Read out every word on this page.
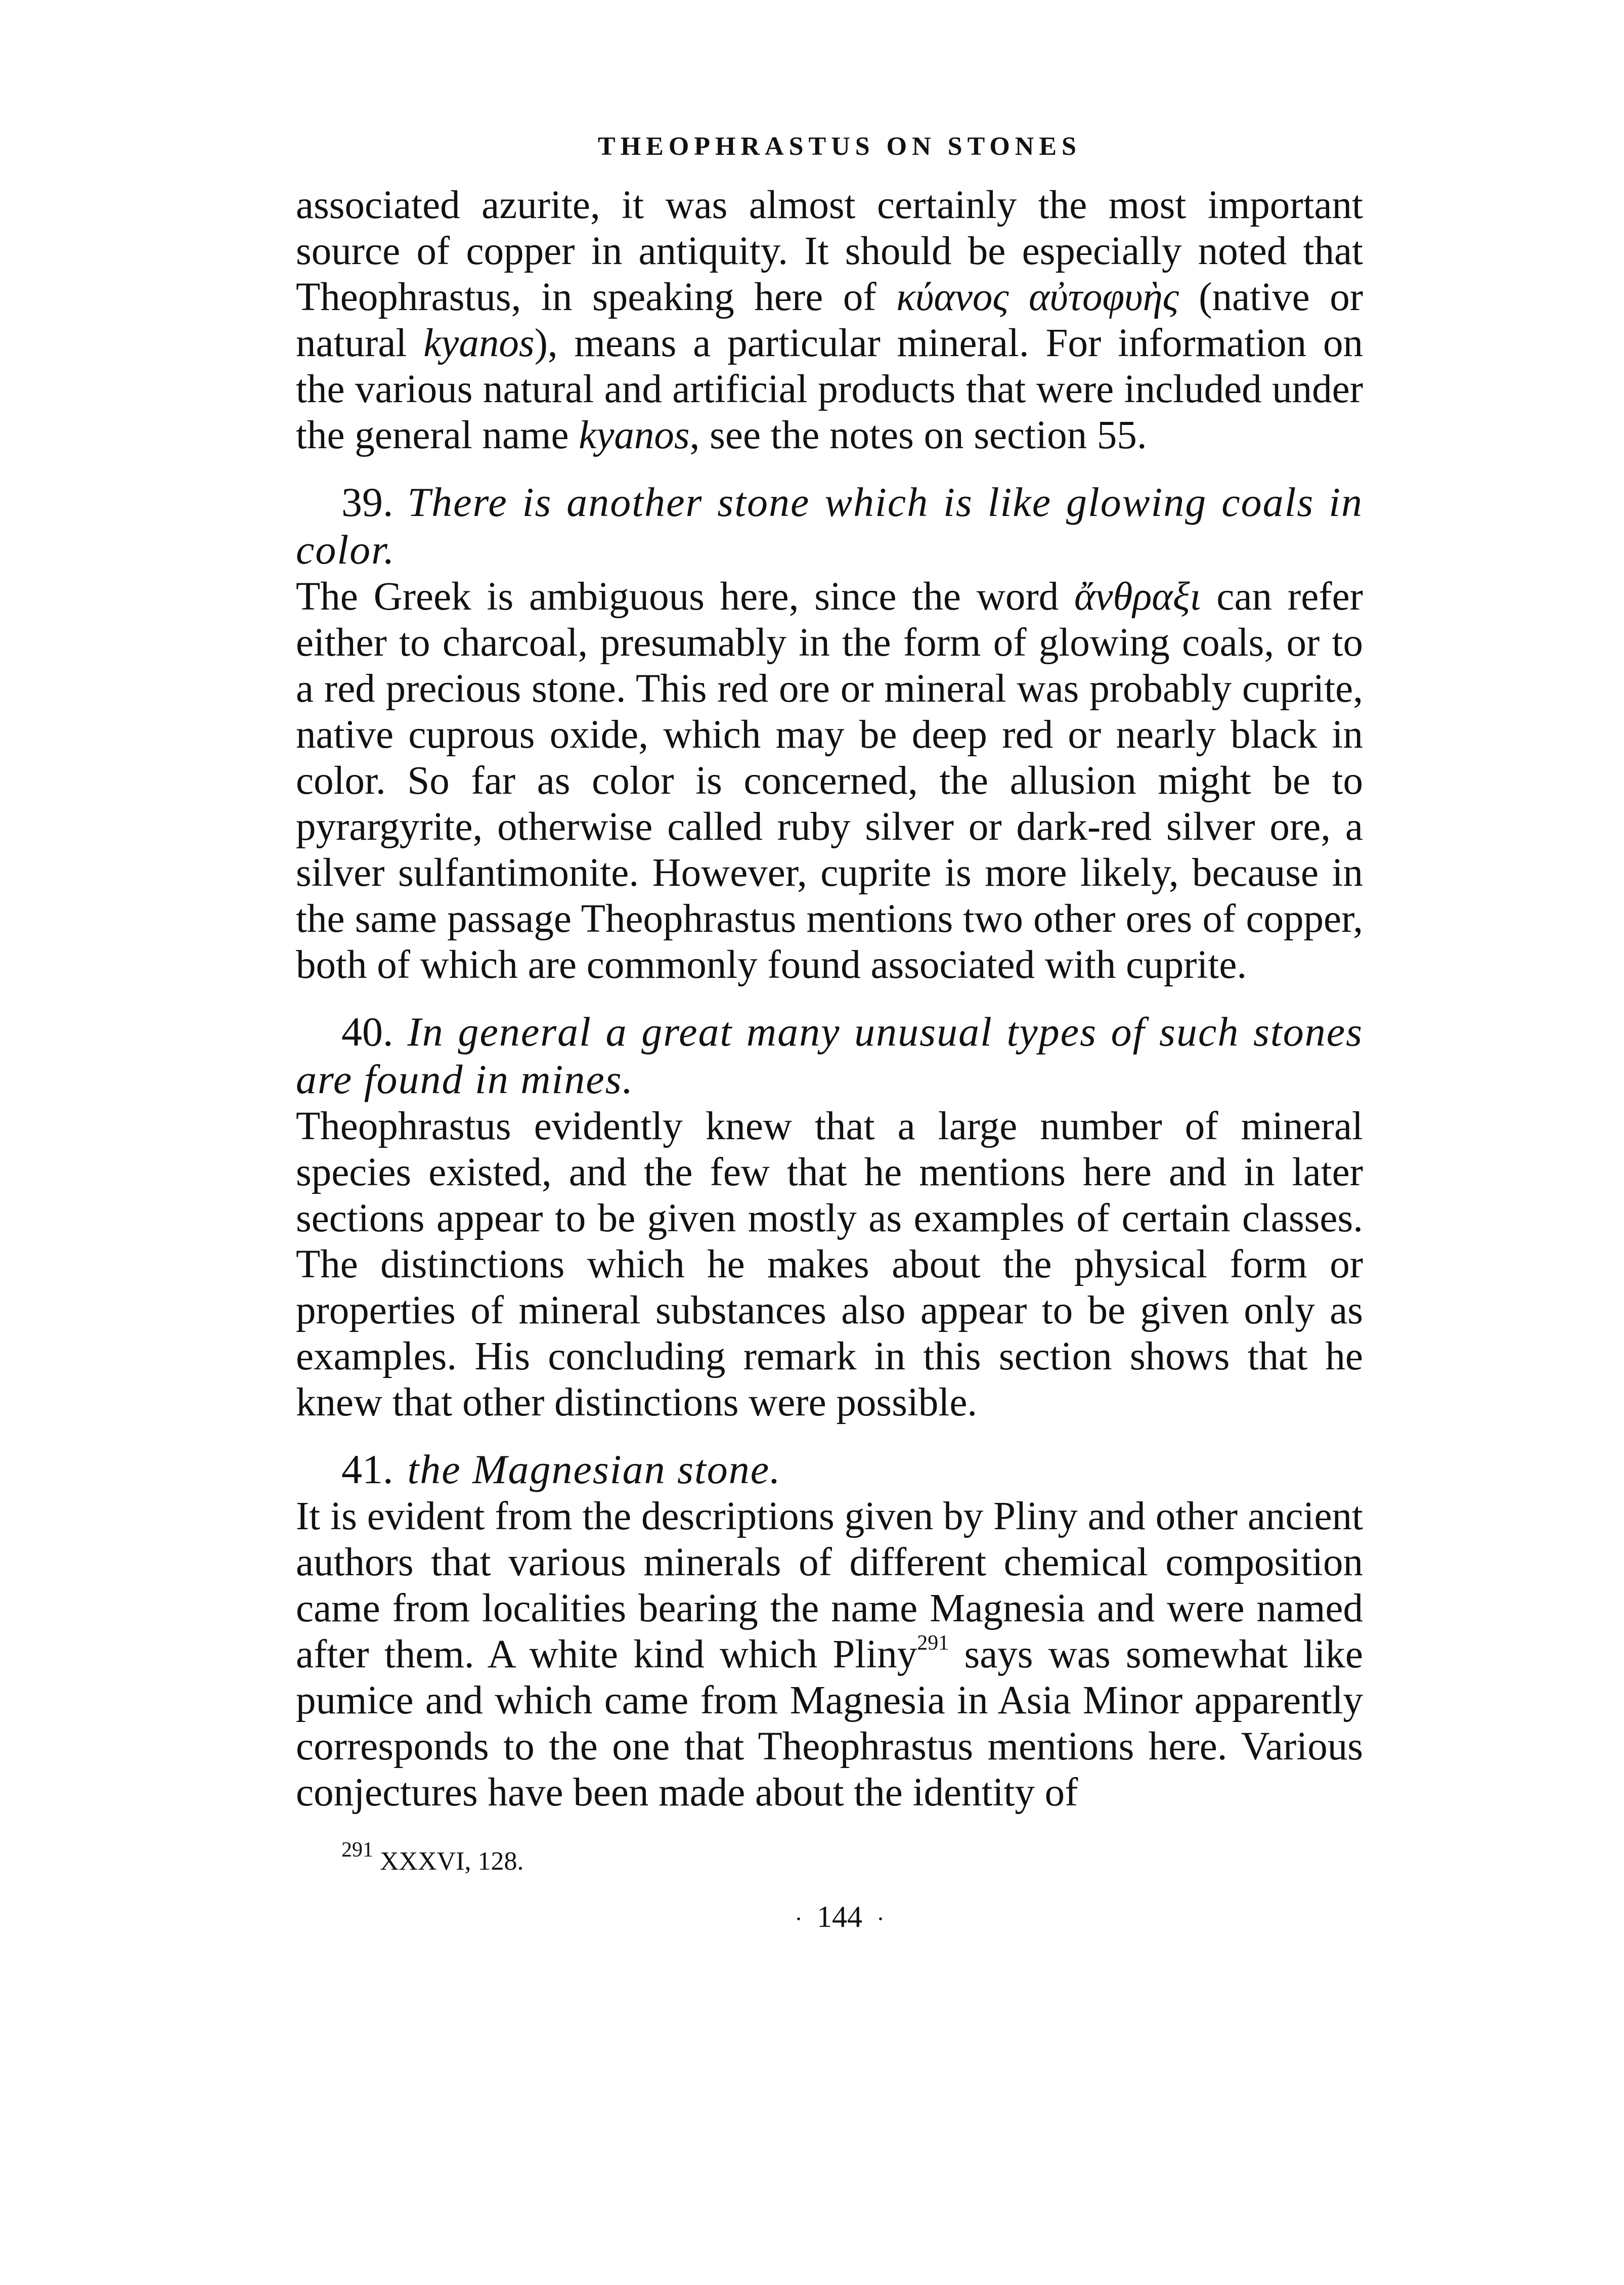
THEOPHRASTUS ON STONES

associated azurite, it was almost certainly the most important source of copper in antiquity. It should be especially noted that Theophrastus, in speaking here of κύανος αὐτοφυὴς (native or natural kyanos), means a particular mineral. For information on the various natural and artificial products that were included under the general name kyanos, see the notes on section 55.

39. There is another stone which is like glowing coals in color.

The Greek is ambiguous here, since the word ἄνθραξι can refer either to charcoal, presumably in the form of glowing coals, or to a red precious stone. This red ore or mineral was probably cuprite, native cuprous oxide, which may be deep red or nearly black in color. So far as color is concerned, the allusion might be to pyrargyrite, otherwise called ruby silver or dark-red silver ore, a silver sulfantimonite. However, cuprite is more likely, because in the same passage Theophrastus mentions two other ores of copper, both of which are commonly found associated with cuprite.

40. In general a great many unusual types of such stones are found in mines.

Theophrastus evidently knew that a large number of mineral species existed, and the few that he mentions here and in later sections appear to be given mostly as examples of certain classes. The distinctions which he makes about the physical form or properties of mineral substances also appear to be given only as examples. His concluding remark in this section shows that he knew that other distinctions were possible.

41. the Magnesian stone.

It is evident from the descriptions given by Pliny and other ancient authors that various minerals of different chemical composition came from localities bearing the name Magnesia and were named after them. A white kind which Pliny$^{291}$ says was somewhat like pumice and which came from Magnesia in Asia Minor apparently corresponds to the one that Theophrastus mentions here. Various conjectures have been made about the identity of

$^{291}$ XXXVI, 128.
· 144 ·
